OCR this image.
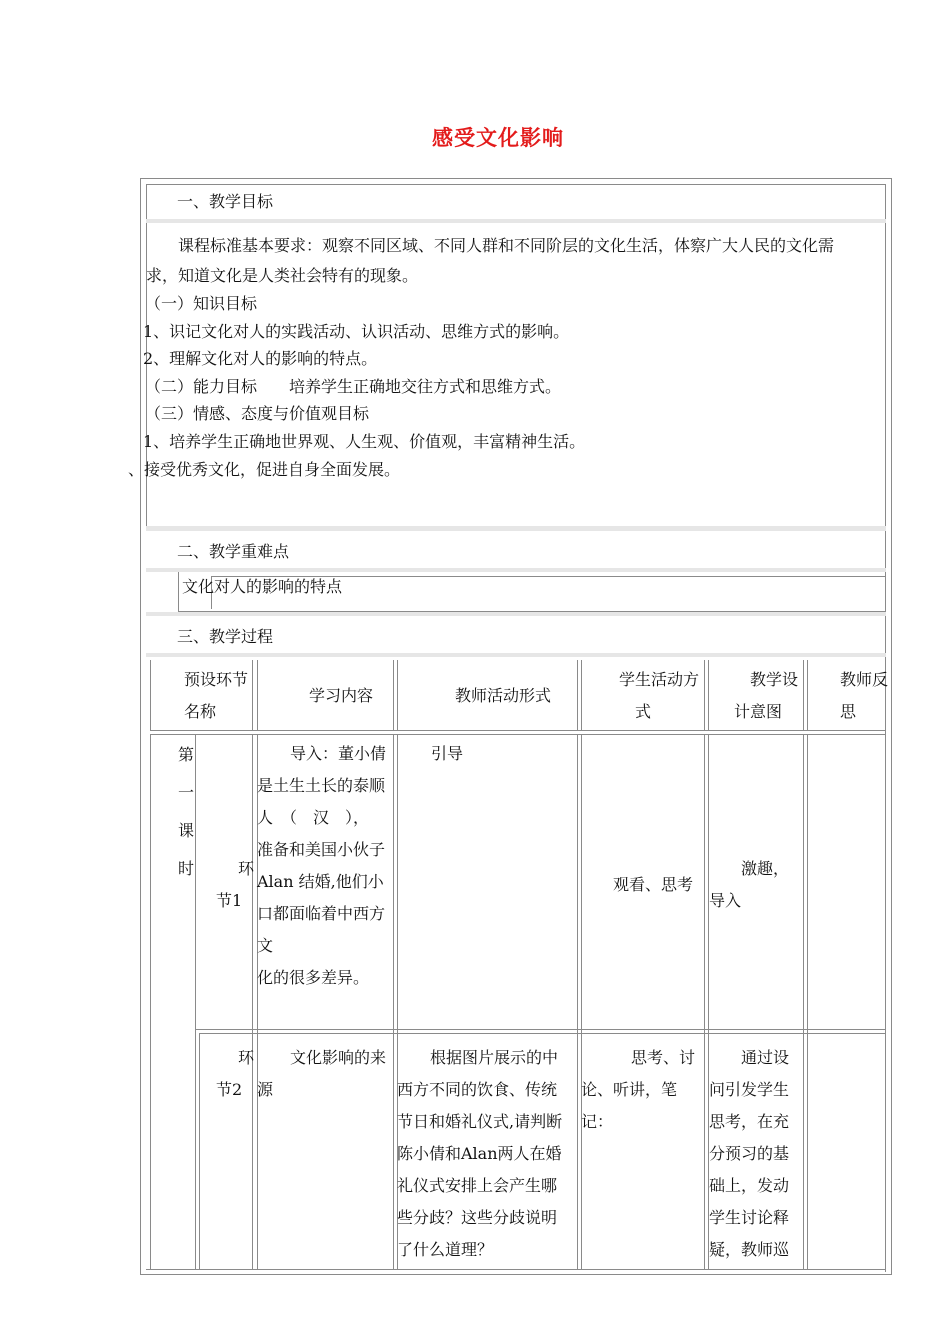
感受文化影响
一、教学目标
课程标准基本要求：观察不同区域、不同人群和不同阶层的文化生活，体察广大人民的文化需
求，知道文化是人类社会特有的现象。
（一）知识目标
1、识记文化对人的实践活动、认识活动、思维方式的影响。
2、理解文化对人的影响的特点。
（二）能力目标　　培养学生正确地交往方式和思维方式。
（三）情感、态度与价值观目标
1、培养学生正确地世界观、人生观、价值观，丰富精神生活。
、接受优秀文化，促进自身全面发展。
二、教学重难点
文化对人的影响的特点
三、教学过程
预设环节
名称
学习内容	教师活动形式
学生活动方
式
教学设
计意图
教师反
思
第
一
课
时	环
节1
导入：董小倩
是土生土长的泰顺
人　（　汉　），
准备和美国小伙子
Alan 结婚,他们小
口都面临着中西方
文
化的很多差异。
引导
观看、思考
激趣，
导入
环
节2
文化影响的来
源
根据图片展示的中
西方不同的饮食、传统
节日和婚礼仪式,请判断
陈小倩和Alan两人在婚
礼仪式安排上会产生哪
些分歧？这些分歧说明
了什么道理？
思考、讨
论、听讲，笔
记：
通过设
问引发学生
思考，在充
分预习的基
础上，发动
学生讨论释
疑，教师巡
